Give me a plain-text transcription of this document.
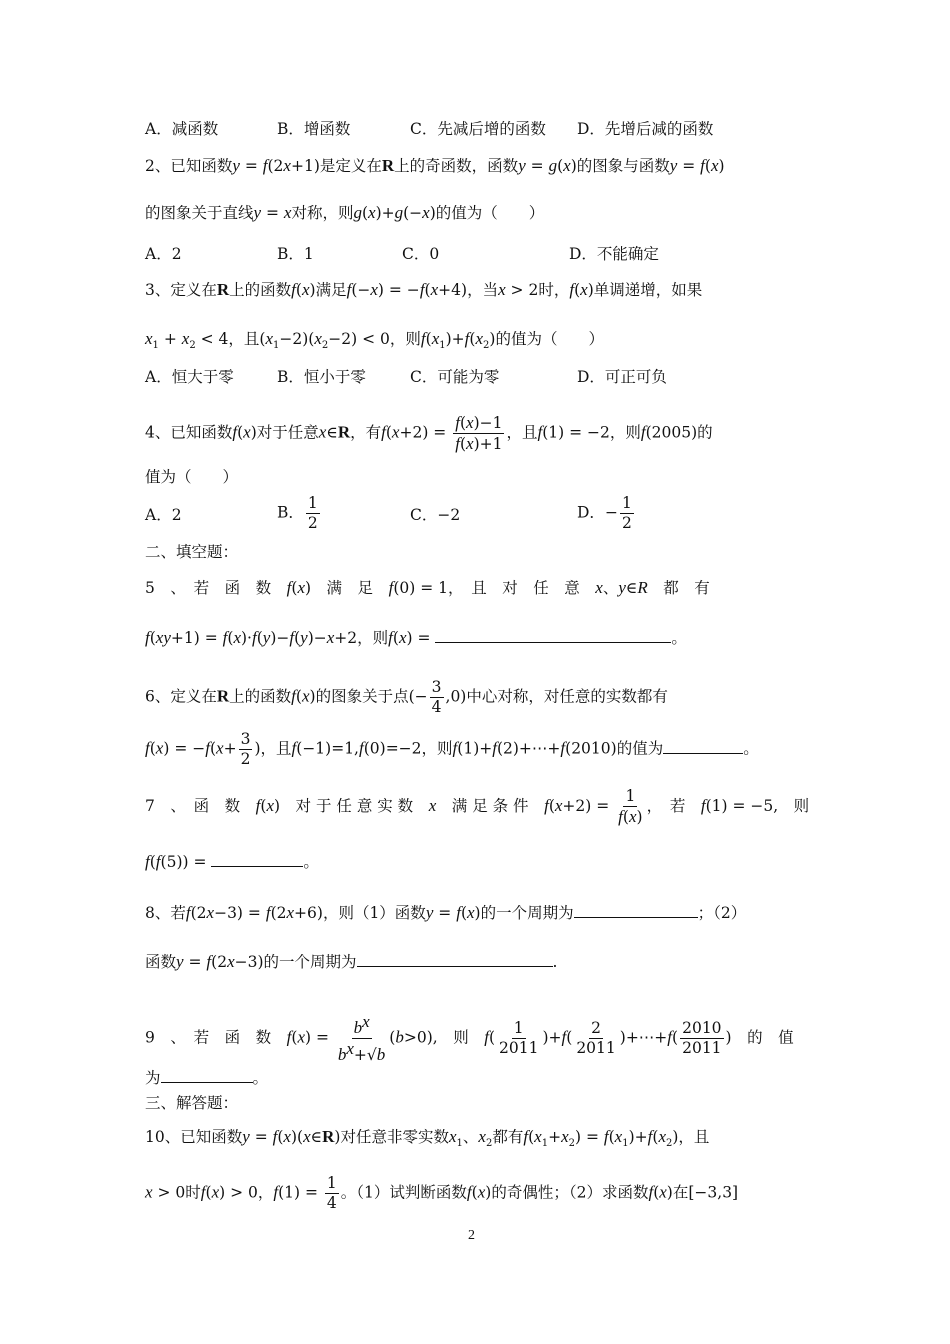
A．减函数	B．增函数	C．先减后增的函数 D．先增后减的函数
2、已知函数y = f(2x+1)是定义在R上的奇函数，函数y = g(x)的图象与函数y = f(x)
的图象关于直线y = x对称，则g(x)+g(−x)的值为（　　）
A．2	B．1	C．0	D．不能确定
3、定义在R上的函数f(x)满足f(−x) = −f(x+4)，当x > 2时，f(x)单调递增，如果
$x_1 + x_2 < 4$，且$(x_1-2)(x_2-2) < 0$，则$f(x_1)+f(x_2)$的值为（　　）
A．恒大于零	B．恒小于零	C．可能为零	D．可正可负
4、已知函数f(x)对于任意x∈R，有$f(x+2) = \frac{f(x)-1}{f(x)+1}$ ，且f(1) = −2，则f(2005)的
值为（　　）
A．2	B． $\frac{1}{2}$	C．−2	D．− $\frac{1}{2}$
二、填空题：
5　、　若　函　数　 f(x)　满　足　 f(0) = 1，　且　对　任　意　 x、y∈R　 都　有
f(xy+1) = f(x)·f(y)−f(y)−x+2，则f(x) =	。
6、定义在R上的函数f(x)的图象关于点(− $\frac{3}{4} ,0$)中心对称，对任意的实数都有
$f(x) = -f(x+ \frac{3}{2}$ )，且f(−1)=1,f(0)=−2，则f(1)+f(2)+⋯+f(2010)的值为	。
7　、　函　数　 f(x)　对 于 任 意 实 数　 x　 满 足 条 件　 $f(x+2) = \frac{1}{f(x)}$ ，　若　 f(1) = −5,　则
f(f(5)) =	。
8、若f(2x−3) = f(2x+6)，则（1）函数y = f(x)的一个周期为	；（2）
函数y = f(2x−3)的一个周期为	.
9　、　若　函　数　 $f(x) = \frac{b^x}{b^x+√b} (b>0)$,　则　 $f( \frac{1}{2011} )+f( \frac{2}{2011}$ )+⋯+f( $\frac{2010}{2011}$ )　的　值
为	。
三、解答题：
10、已知函数y = f(x)(x∈R)对任意非零实数$x_1$、$x_2$都有$f(x_1+x_2) = f(x_1)+f(x_2)$，且
x > 0时f(x) > 0，$f(1) = \frac{1}{4}$ 。（1）试判断函数f(x)的奇偶性；（2）求函数f(x)在[−3,3]
2
